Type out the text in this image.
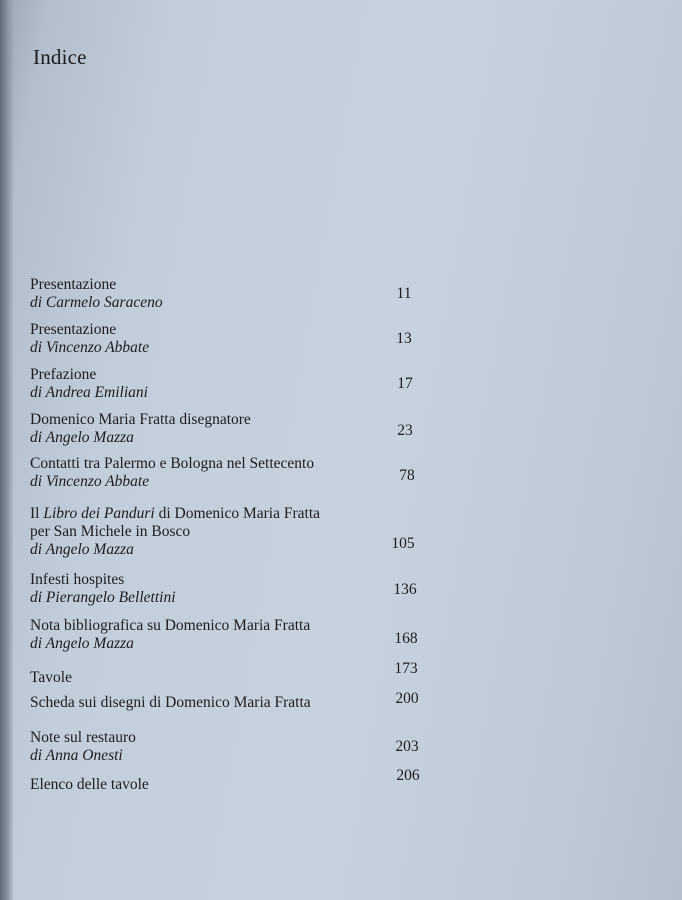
Indice
Presentazione
di Carmelo Saraceno
11
Presentazione
di Vincenzo Abbate
13
Prefazione
di Andrea Emiliani
17
Domenico Maria Fratta disegnatore
di Angelo Mazza	23
Contatti tra Palermo e Bologna nel Settecento
di Vincenzo Abbate	78
Il Libro dei Panduri di Domenico Maria Fratta
per San Michele in Bosco
di Angelo Mazza	105
Infesti hospites
di Pierangelo Bellettini	136
Nota bibliografica su Domenico Maria Fratta
di Angelo Mazza	168
Tavole
173
Scheda sui disegni di Domenico Maria Fratta	200
Note sul restauro
di Anna Onesti
203
Elenco delle tavole
206
